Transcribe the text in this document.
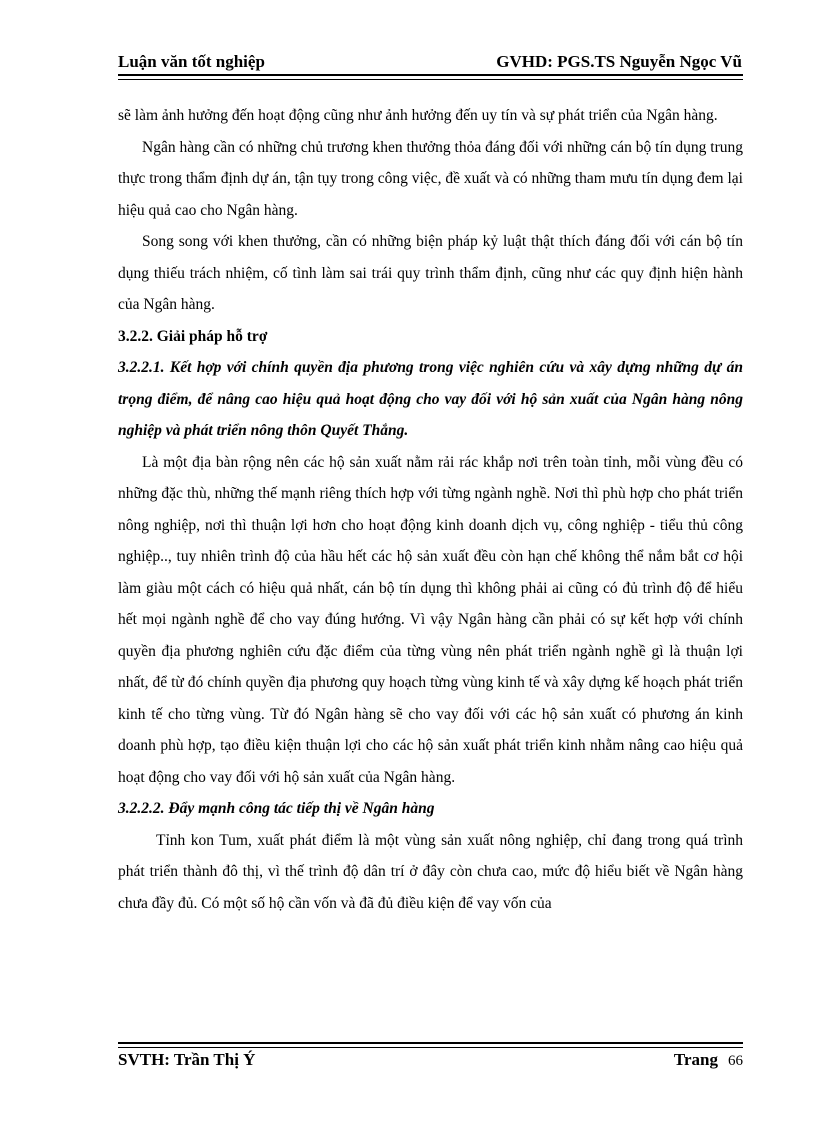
Luận văn tốt nghiệp	GVHD: PGS.TS Nguyễn Ngọc Vũ

sẽ làm ảnh hưởng đến hoạt động cũng như ảnh hưởng đến uy tín và sự phát triển của Ngân hàng.

Ngân hàng cần có những chủ trương khen thưởng thỏa đáng đối với những cán bộ tín dụng trung thực trong thẩm định dự án, tận tụy trong công việc, đề xuất và có những tham mưu tín dụng đem lại hiệu quả cao cho Ngân hàng.

Song song với khen thưởng, cần có những biện pháp kỷ luật thật thích đáng đối với cán bộ tín dụng thiếu trách nhiệm, cố tình làm sai trái quy trình thẩm định, cũng như các quy định hiện hành của Ngân hàng.

3.2.2. Giải pháp hỗ trợ

3.2.2.1. Kết hợp với chính quyền địa phương trong việc nghiên cứu và xây dựng những dự án trọng điểm, để nâng cao hiệu quả hoạt động cho vay đối với hộ sản xuất của Ngân hàng nông nghiệp và phát triển nông thôn Quyết Thắng.

Là một địa bàn rộng nên các hộ sản xuất nằm rải rác khắp nơi trên toàn tỉnh, mỗi vùng đều có những đặc thù, những thế mạnh riêng thích hợp với từng ngành nghề. Nơi thì phù hợp cho phát triển nông nghiệp, nơi thì thuận lợi hơn cho hoạt động kinh doanh dịch vụ, công nghiệp - tiểu thủ công nghiệp.., tuy nhiên trình độ của hầu hết các hộ sản xuất đều còn hạn chế không thể nắm bắt cơ hội làm giàu một cách có hiệu quả nhất, cán bộ tín dụng thì không phải ai cũng có đủ trình độ để hiểu hết mọi ngành nghề để cho vay đúng hướng. Vì vậy Ngân hàng cần phải có sự kết hợp với chính quyền địa phương nghiên cứu đặc điểm của từng vùng nên phát triển ngành nghề gì là thuận lợi nhất, để từ đó chính quyền địa phương quy hoạch từng vùng kinh tế và xây dựng kế hoạch phát triển kinh tế cho từng vùng. Từ đó Ngân hàng sẽ cho vay đối với các hộ sản xuất có phương án kinh doanh phù hợp, tạo điều kiện thuận lợi cho các hộ sản xuất phát triển kinh nhằm nâng cao hiệu quả hoạt động cho vay đối với hộ sản xuất của Ngân hàng.

3.2.2.2. Đẩy mạnh công tác tiếp thị về Ngân hàng

Tỉnh kon Tum, xuất phát điểm là một vùng sản xuất nông nghiệp, chỉ đang trong quá trình phát triển thành đô thị, vì thế trình độ dân trí ở đây còn chưa cao, mức độ hiểu biết về Ngân hàng chưa đầy đủ. Có một số hộ cần vốn và đã đủ điều kiện để vay vốn của

SVTH: Trần Thị Ý	Trang 66
